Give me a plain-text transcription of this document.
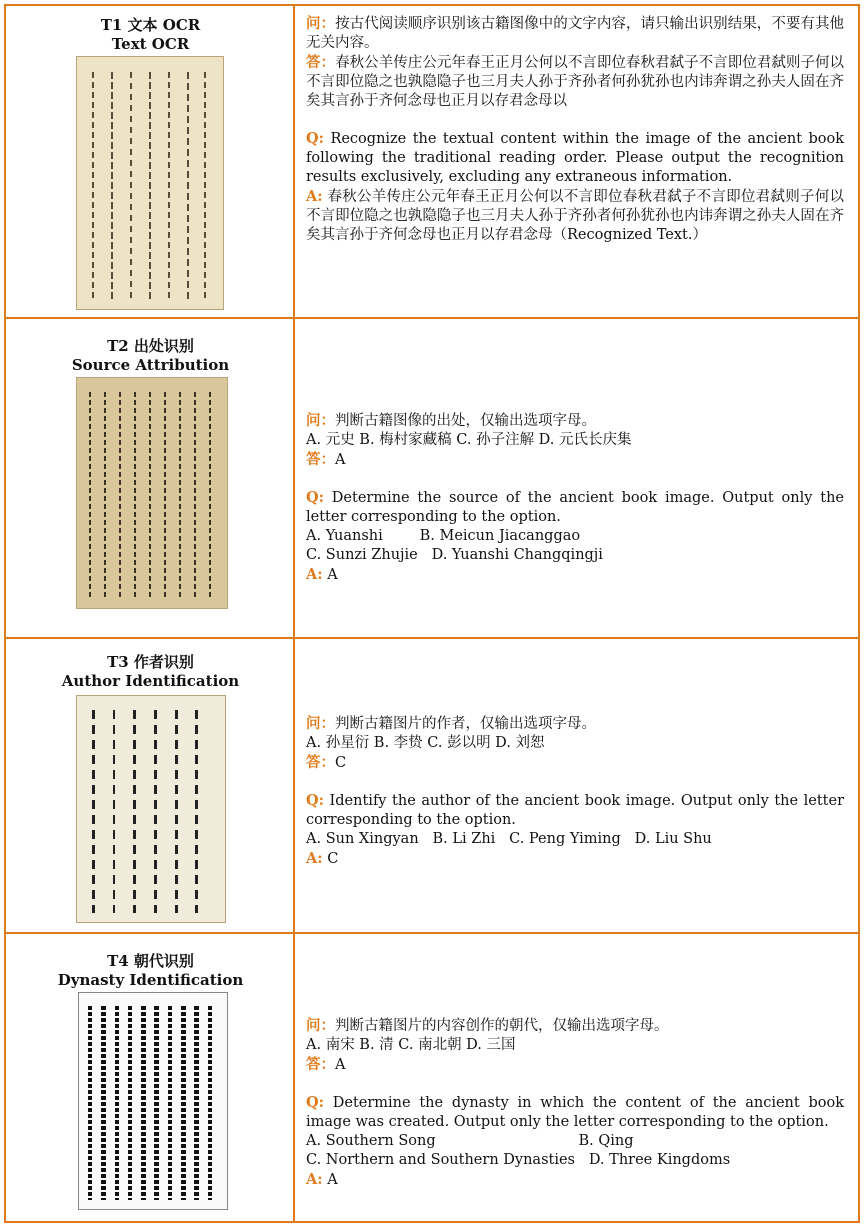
T1 文本 OCR
Text OCR

问：按古代阅读顺序识别该古籍图像中的文字内容，请只输出识别结果，不要有其他无关内容。

答：春秋公羊传庄公元年春王正月公何以不言即位春秋君弑子不言即位君弑则子何以不言即位隐之也孰隐隐子也三月夫人孙于齐孙者何孙犹孙也内讳奔谓之孙夫人固在齐矣其言孙于齐何念母也正月以存君念母以

Q: Recognize the textual content within the image of the ancient book following the traditional reading order. Please output the recognition results exclusively, excluding any extraneous information.

A: 春秋公羊传庄公元年春王正月公何以不言即位春秋君弑子不言即位君弑则子何以不言即位隐之也孰隐隐子也三月夫人孙于齐孙者何孙犹孙也内讳奔谓之孙夫人固在齐矣其言孙于齐何念母也正月以存君念母（Recognized Text.）

T2 出处识别
Source Attribution

问：判断古籍图像的出处，仅输出选项字母。

A. 元史 B. 梅村家藏稿 C. 孙子注解 D. 元氏长庆集

答：A

Q: Determine the source of the ancient book image. Output only the letter corresponding to the option.

A. Yuanshi        B. Meicun Jiacanggao

C. Sunzi Zhujie   D. Yuanshi Changqingji

A: A

T3 作者识别
Author Identification

问：判断古籍图片的作者，仅输出选项字母。

A. 孙星衍 B. 李贽 C. 彭以明 D. 刘恕

答：C

Q: Identify the author of the ancient book image. Output only the letter corresponding to the option.

A. Sun Xingyan   B. Li Zhi   C. Peng Yiming   D. Liu Shu

A: C

T4 朝代识别
Dynasty Identification

问：判断古籍图片的内容创作的朝代，仅输出选项字母。

A. 南宋 B. 清 C. 南北朝 D. 三国

答：A

Q: Determine the dynasty in which the content of the ancient book image was created. Output only the letter corresponding to the option.

A. Southern Song                               B. Qing

C. Northern and Southern Dynasties   D. Three Kingdoms

A: A
